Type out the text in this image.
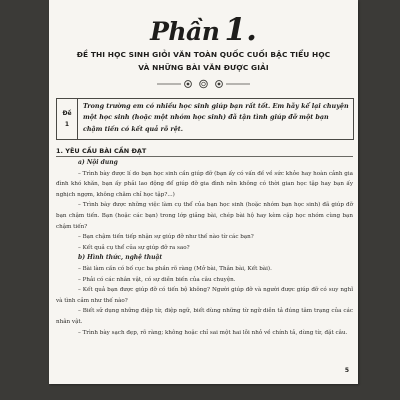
Phần 1.
ĐỀ THI HỌC SINH GIỎI VĂN TOÀN QUỐC CUỐI BẬC TIỂU HỌC
VÀ NHỮNG BÀI VĂN ĐƯỢC GIẢI
Đề
1
Trong trường em có nhiều học sinh giúp bạn rất tốt. Em hãy kể lại chuyện một học sinh (hoặc một nhóm học sinh) đã tận tình giúp đỡ một bạn chậm tiến có kết quả rõ rệt.
1. YÊU CẦU BÀI CẦN ĐẠT

a) Nội dung

– Trình bày được lí do bạn học sinh cần giúp đỡ (bạn ấy có vấn đề về sức khỏe hay hoàn cảnh gia đình khó khăn, bạn ấy phải lao động để giúp đỡ gia đình nên không có thời gian học tập hay bạn ấy nghịch ngợm, không chăm chỉ học tập?...)

– Trình bày được những việc làm cụ thể của bạn học sinh (hoặc nhóm bạn học sinh) đã giúp đỡ bạn chậm tiến. Bạn (hoặc các bạn) trong lớp giảng bài, chép bài hộ hay kèm cặp học nhóm cùng bạn chậm tiến?

– Bạn chậm tiến tiếp nhận sự giúp đỡ như thế nào từ các bạn?

– Kết quả cụ thể của sự giúp đỡ ra sao?

b) Hình thức, nghệ thuật

– Bài làm cần có bố cục ba phần rõ ràng (Mở bài, Thân bài, Kết bài).

– Phải có các nhân vật, có sự diễn biến của câu chuyện.

– Kết quả bạn được giúp đỡ có tiến bộ không? Người giúp đỡ và người được giúp đỡ có suy nghĩ và tình cảm như thế nào?

– Biết sử dụng những điệp từ, điệp ngữ, biết dùng những từ ngữ diễn tả đúng tâm trạng của các nhân vật.

– Trình bày sạch đẹp, rõ ràng; không hoặc chỉ sai một hai lỗi nhỏ về chính tả, dùng từ, đặt câu.

5
